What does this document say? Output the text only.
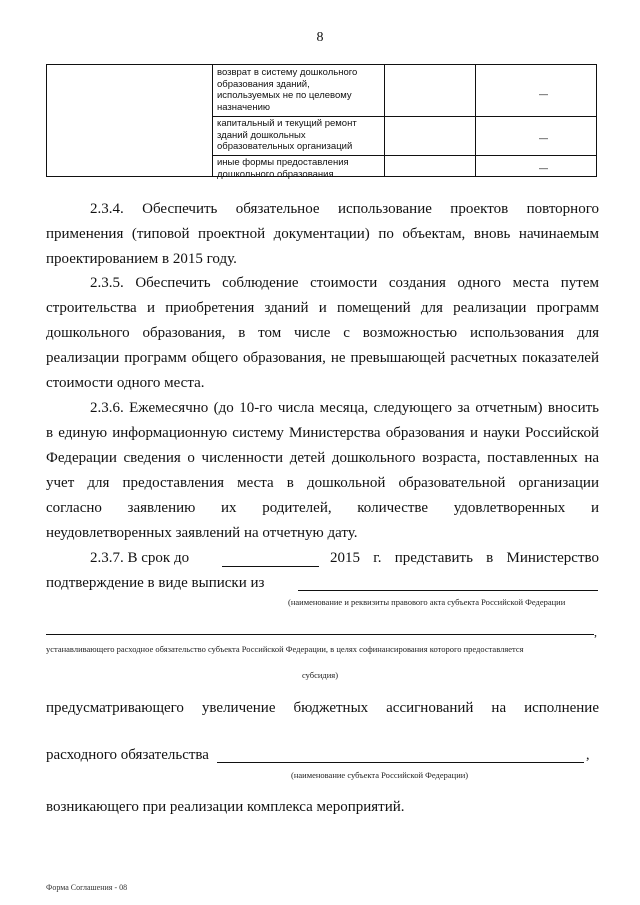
8
возврат в систему дошкольного
образования зданий,
используемых не по целевому
назначению
—
капитальный и текущий ремонт
зданий дошкольных
образовательных организаций
—
иные формы предоставления
дошкольного образования
—
2.3.4. Обеспечить обязательное использование проектов повторного
применения (типовой проектной документации) по объектам, вновь начинаемым
проектированием в 2015 году.
2.3.5. Обеспечить соблюдение стоимости создания одного места путем
строительства и приобретения зданий и помещений для реализации программ
дошкольного образования, в том числе с возможностью использования для
реализации программ общего образования, не превышающей расчетных показателей
стоимости одного места.
2.3.6. Ежемесячно (до 10-го числа месяца, следующего за отчетным) вносить
в единую информационную систему Министерства образования и науки Российской
Федерации сведения о численности детей дошкольного возраста, поставленных на
учет для предоставления места в дошкольной образовательной организации
согласно заявлению их родителей, количестве удовлетворенных и
неудовлетворенных заявлений на отчетную дату.
2.3.7. В срок до	2015 г. представить в Министерство
подтверждение в виде выписки из
(наименование и реквизиты правового акта субъекта Российской Федерации
,
устанавливающего расходное обязательство субъекта Российской Федерации, в целях софинансирования которого предоставляется
субсидия)
предусматривающего увеличение бюджетных ассигнований на исполнение
расходного обязательства	,
(наименование субъекта Российской Федерации)
возникающего при реализации комплекса мероприятий.
Форма Соглашения - 08
